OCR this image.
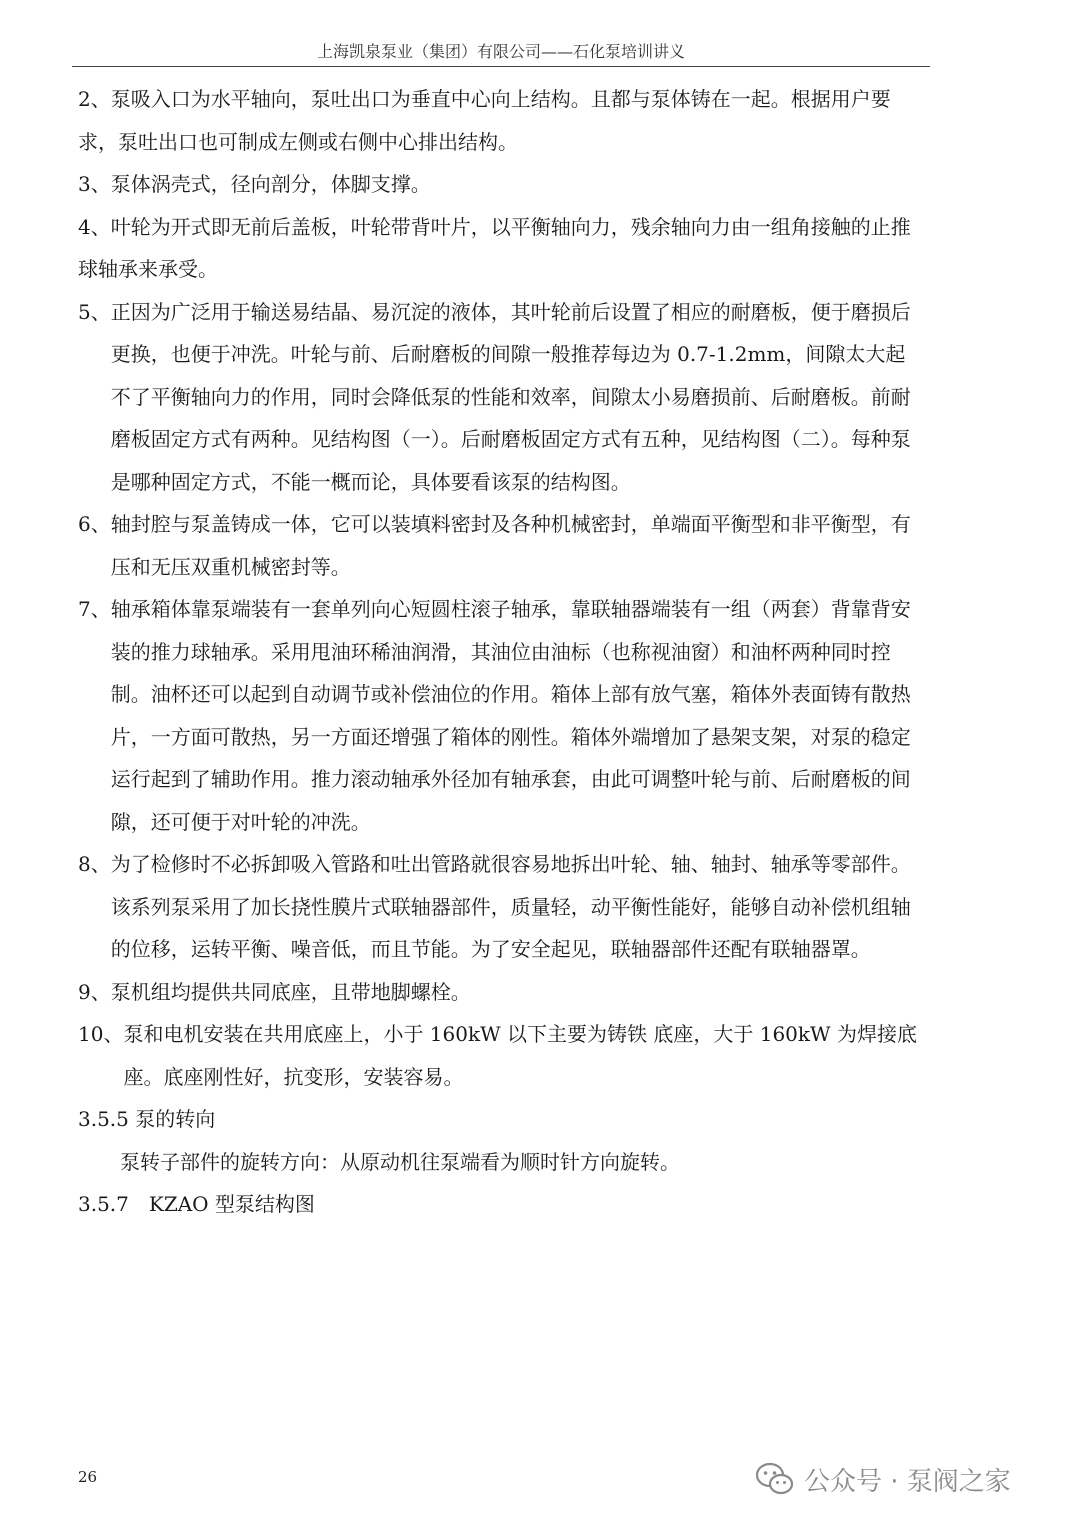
上海凯泉泵业（集团）有限公司——石化泵培训讲义
2、泵吸入口为水平轴向，泵吐出口为垂直中心向上结构。且都与泵体铸在一起。根据用户要求，泵吐出口也可制成左侧或右侧中心排出结构。
3、 泵体涡壳式，径向剖分，体脚支撑。
4、叶轮为开式即无前后盖板，叶轮带背叶片，以平衡轴向力，残余轴向力由一组角接触的止推球轴承来承受。
5、 正因为广泛用于输送易结晶、易沉淀的液体，其叶轮前后设置了相应的耐磨板，便于磨损后更换，也便于冲洗。叶轮与前、后耐磨板的间隙一般推荐每边为 0.7-1.2mm，间隙太大起不了平衡轴向力的作用，同时会降低泵的性能和效率，间隙太小易磨损前、后耐磨板。前耐磨板固定方式有两种。见结构图（一）。后耐磨板固定方式有五种，见结构图（二）。每种泵是哪种固定方式，不能一概而论，具体要看该泵的结构图。
6、 轴封腔与泵盖铸成一体，它可以装填料密封及各种机械密封，单端面平衡型和非平衡型，有压和无压双重机械密封等。
7、 轴承箱体靠泵端装有一套单列向心短圆柱滚子轴承，靠联轴器端装有一组（两套）背靠背安装的推力球轴承。采用甩油环稀油润滑，其油位由油标（也称视油窗）和油杯两种同时控制。油杯还可以起到自动调节或补偿油位的作用。箱体上部有放气塞，箱体外表面铸有散热片，一方面可散热，另一方面还增强了箱体的刚性。箱体外端增加了悬架支架，对泵的稳定运行起到了辅助作用。推力滚动轴承外径加有轴承套，由此可调整叶轮与前、后耐磨板的间隙，还可便于对叶轮的冲洗。
8、 为了检修时不必拆卸吸入管路和吐出管路就很容易地拆出叶轮、轴、轴封、轴承等零部件。该系列泵采用了加长挠性膜片式联轴器部件，质量轻，动平衡性能好，能够自动补偿机组轴的位移，运转平衡、噪音低，而且节能。为了安全起见，联轴器部件还配有联轴器罩。
9、 泵机组均提供共同底座，且带地脚螺栓。
10、 泵和电机安装在共用底座上，小于 160kW 以下主要为铸铁 底座，大于 160kW 为焊接底座。底座刚性好，抗变形，安装容易。
3.5.5 泵的转向
泵转子部件的旋转方向：从原动机往泵端看为顺时针方向旋转。
3.5.7　KZAO 型泵结构图
26	公众号 · 泵阀之家
